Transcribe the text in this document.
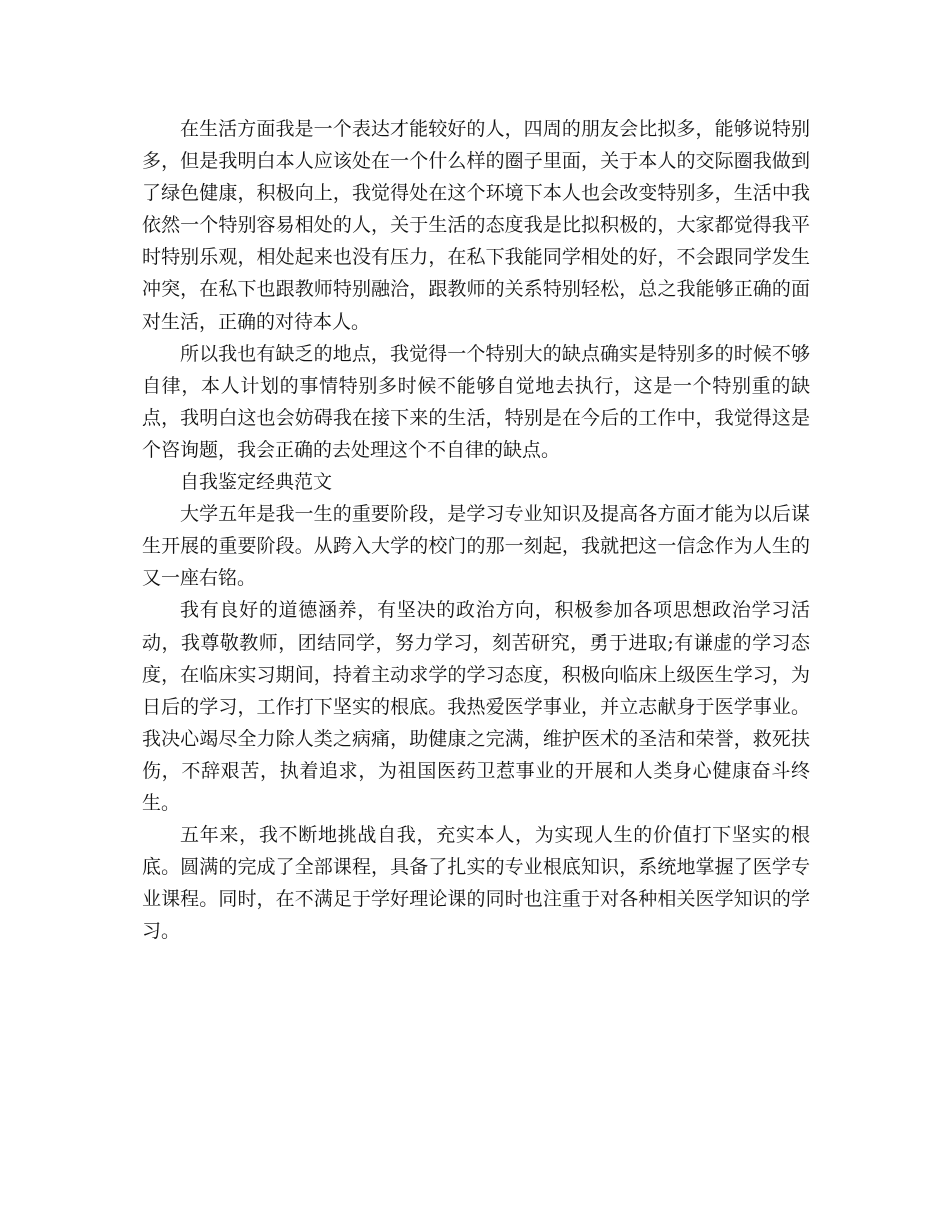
在生活方面我是一个表达才能较好的人，四周的朋友会比拟多，能够说特别多，但是我明白本人应该处在一个什么样的圈子里面，关于本人的交际圈我做到了绿色健康，积极向上，我觉得处在这个环境下本人也会改变特别多，生活中我依然一个特别容易相处的人，关于生活的态度我是比拟积极的，大家都觉得我平时特别乐观，相处起来也没有压力，在私下我能同学相处的好，不会跟同学发生冲突，在私下也跟教师特别融洽，跟教师的关系特别轻松，总之我能够正确的面对生活，正确的对待本人。

所以我也有缺乏的地点，我觉得一个特别大的缺点确实是特别多的时候不够自律，本人计划的事情特别多时候不能够自觉地去执行，这是一个特别重的缺点，我明白这也会妨碍我在接下来的生活，特别是在今后的工作中，我觉得这是个咨询题，我会正确的去处理这个不自律的缺点。

自我鉴定经典范文

大学五年是我一生的重要阶段，是学习专业知识及提高各方面才能为以后谋生开展的重要阶段。从跨入大学的校门的那一刻起，我就把这一信念作为人生的又一座右铭。

我有良好的道德涵养，有坚决的政治方向，积极参加各项思想政治学习活动，我尊敬教师，团结同学，努力学习，刻苦研究，勇于进取;有谦虚的学习态度，在临床实习期间，持着主动求学的学习态度，积极向临床上级医生学习，为日后的学习，工作打下坚实的根底。我热爱医学事业，并立志献身于医学事业。我决心竭尽全力除人类之病痛，助健康之完满，维护医术的圣洁和荣誉，救死扶伤，不辞艰苦，执着追求，为祖国医药卫惹事业的开展和人类身心健康奋斗终生。

五年来，我不断地挑战自我，充实本人，为实现人生的价值打下坚实的根底。圆满的完成了全部课程，具备了扎实的专业根底知识，系统地掌握了医学专业课程。同时，在不满足于学好理论课的同时也注重于对各种相关医学知识的学习。
